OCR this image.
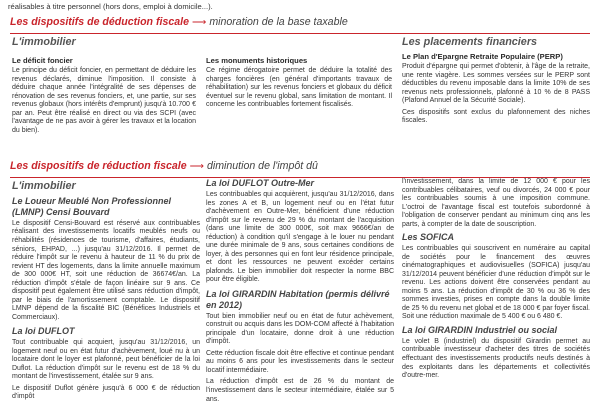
réalisables à titre personnel (hors dons, emploi à domicile...).
Les dispositifs de déduction fiscale ⟶ minoration de la base taxable
L'immobilier	Les placements financiers
Le déficit foncier
Le principe du déficit foncier, en permettant de déduire les revenus déclarés, diminue l'imposition. Il consiste à déduire chaque année l'intégralité de ses dépenses de rénovation de ses revenus fonciers, et, une partie, sur ses revenus globaux (hors intérêts d'emprunt) jusqu'à 10.700 € par an. Peut être réalisé en direct ou via des SCPI (avec l'avantage de ne pas avoir à gérer les travaux et la location du bien).
Les monuments historiques
Ce régime dérogatoire permet de déduire la totalité des charges foncières (en général d'importants travaux de réhabilitation) sur les revenus fonciers et globaux du déficit éventuel sur le revenu global, sans limitation de montant. Il concerne les contribuables fortement fiscalisés.
Le Plan d'Epargne Retraite Populaire (PERP)
Produit d'épargne qui permet d'obtenir, à l'âge de la retraite, une rente viagère. Les sommes versées sur le PERP sont déductibles du revenu imposable dans la limite 10% de ses revenus nets professionnels, plafonné à 10 % de 8 PASS (Plafond Annuel de la Sécurité Sociale).
Ces dispositifs sont exclus du plafonnement des niches fiscales.
Les dispositifs de réduction fiscale ⟶ diminution de l'impôt dû
L'immobilier
Le Loueur Meublé Non Professionnel (LMNP) Censi Bouvard
Le dispositif Censi-Bouvard est réservé aux contribuables réalisant des investissements locatifs meublés neufs ou réhabilités (résidences de tourisme, d'affaires, étudiants, séniors, EHPAD, ...) jusqu'au 31/12/2016. Il permet de réduire l'impôt sur le revenu à hauteur de 11 % du prix de revient HT des logements, dans la limite annuelle maximum de 300 000€ HT, soit une réduction de 36674€/an. La réduction d'impôt s'étale de façon linéaire sur 9 ans. Ce dispositif peut également être utilisé sans réduction d'impôt, par le biais de l'amortissement comptable. Le dispositif LMNP dépend de la fiscalité BIC (Bénéfices Industriels et Commerciaux).
La loi DUFLOT
Tout contribuable qui acquiert, jusqu'au 31/12/2016, un logement neuf ou en état futur d'achèvement, loué nu à un locataire dont le loyer est plafonné, peut bénéficier de la loi Duflot. La réduction d'impôt sur le revenu est de 18 % du montant de l'investissement, étalée sur 9 ans.
Le dispositif Duflot génère jusqu'à 6 000 € de réduction d'impôt
La loi DUFLOT Outre-Mer
Les contribuables qui acquièrent, jusqu'au 31/12/2016, dans les zones A et B, un logement neuf ou en l'état futur d'achèvement en Outre-Mer, bénéficient d'une réduction d'impôt sur le revenu de 29 % du montant de l'acquisition (dans une limite de 300 000€, soit max 9666€/an de réduction) à condition qu'il s'engage à le louer nu pendant une durée minimale de 9 ans, sous certaines conditions de loyer, à des personnes qui en font leur résidence principale, et dont les ressources ne peuvent excéder certains plafonds. Le bien immobilier doit respecter la norme BBC pour être éligible.
La loi GIRARDIN Habitation (permis délivré en 2012)
Tout bien immobilier neuf ou en état de futur achèvement, construit ou acquis dans les DOM-COM affecté à l'habitation principale d'un locataire, donne droit à une réduction d'impôt.
Cette réduction fiscale doit être effective et continue pendant au moins 6 ans pour les investissements dans le secteur locatif intermédiaire.
La réduction d'impôt est de 26 % du montant de l'investissement dans le secteur intermédiaire, étalée sur 5 ans.
l'investissement, dans la limite de 12 000 € pour les contribuables célibataires, veuf ou divorcés, 24 000 € pour les contribuables soumis à une imposition commune. L'octroi de l'avantage fiscal est toutefois subordonné à l'obligation de conserver pendant au minimum cinq ans les parts, à compter de la date de souscription.
Les SOFICA
Les contribuables qui souscrivent en numéraire au capital de sociétés pour le financement des œuvres cinématographiques et audiovisuelles (SOFICA) jusqu'au 31/12/2014 peuvent bénéficier d'une réduction d'impôt sur le revenu. Les actions doivent être conservées pendant au moins 5 ans. La réduction d'impôt de 30 % ou 36 % des sommes investies, prises en compte dans la double limite de 25 % du revenu net global et de 18 000 € par foyer fiscal. Soit une réduction maximale de 5 400 € ou 6 480 €.
La loi GIRARDIN Industriel ou social
Le volet B (industriel) du dispositif Girardin permet au contribuable investisseur d'acheter des titres de sociétés effectuant des investissements productifs neufs destinés à des exploitants dans les départements et collectivités d'outre-mer.
